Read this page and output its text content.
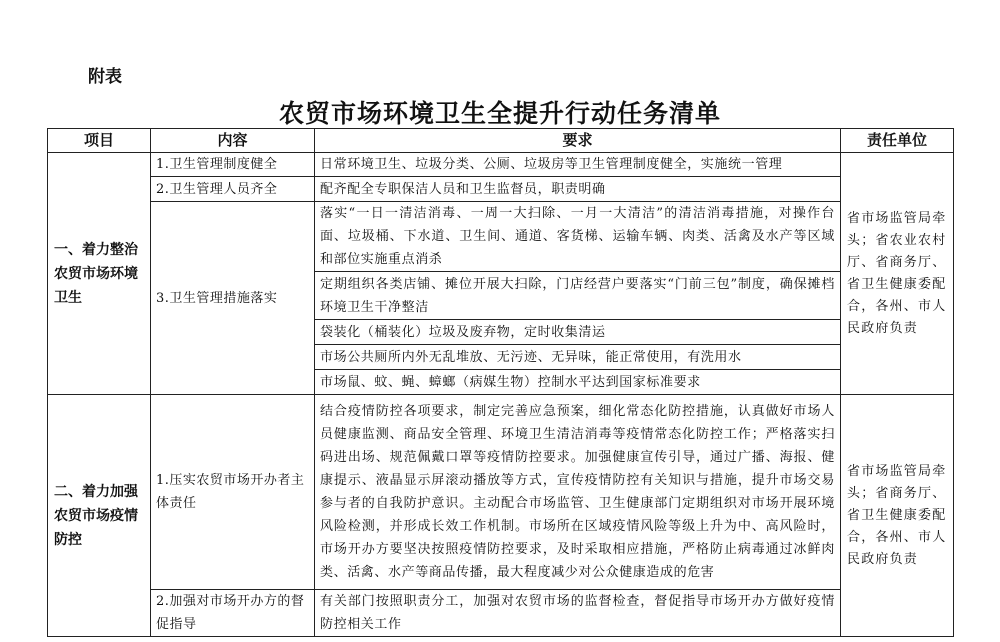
附表
农贸市场环境卫生全提升行动任务清单
项目	内容	要求	责任单位
一、着力整治农贸市场环境卫生	1.卫生管理制度健全	日常环境卫生、垃圾分类、公厕、垃圾房等卫生管理制度健全，实施统一管理	省市场监管局牵头；省农业农村厅、省商务厅、省卫生健康委配合，各州、市人民政府负责
	2.卫生管理人员齐全	配齐配全专职保洁人员和卫生监督员，职责明确	
	3.卫生管理措施落实	落实“一日一清洁消毒、一周一大扫除、一月一大清洁”的清洁消毒措施，对操作台面、垃圾桶、下水道、卫生间、通道、客货梯、运输车辆、肉类、活禽及水产等区域和部位实施重点消杀	
		定期组织各类店铺、摊位开展大扫除，门店经营户要落实“门前三包”制度，确保摊档环境卫生干净整洁	
		袋装化（桶装化）垃圾及废弃物，定时收集清运	
		市场公共厕所内外无乱堆放、无污迹、无异味，能正常使用，有洗用水	
		市场鼠、蚊、蝇、蟑螂（病媒生物）控制水平达到国家标准要求	
二、着力加强农贸市场疫情防控	1.压实农贸市场开办者主体责任	结合疫情防控各项要求，制定完善应急预案，细化常态化防控措施，认真做好市场人员健康监测、商品安全管理、环境卫生清洁消毒等疫情常态化防控工作；严格落实扫码进出场、规范佩戴口罩等疫情防控要求。加强健康宣传引导，通过广播、海报、健康提示、液晶显示屏滚动播放等方式，宣传疫情防控有关知识与措施，提升市场交易参与者的自我防护意识。主动配合市场监管、卫生健康部门定期组织对市场开展环境风险检测，并形成长效工作机制。市场所在区域疫情风险等级上升为中、高风险时，市场开办方要坚决按照疫情防控要求，及时采取相应措施，严格防止病毒通过冰鲜肉类、活禽、水产等商品传播，最大程度减少对公众健康造成的危害	省市场监管局牵头；省商务厅、省卫生健康委配合，各州、市人民政府负责
	2.加强对市场开办方的督促指导	有关部门按照职责分工，加强对农贸市场的监督检查，督促指导市场开办方做好疫情防控相关工作	
